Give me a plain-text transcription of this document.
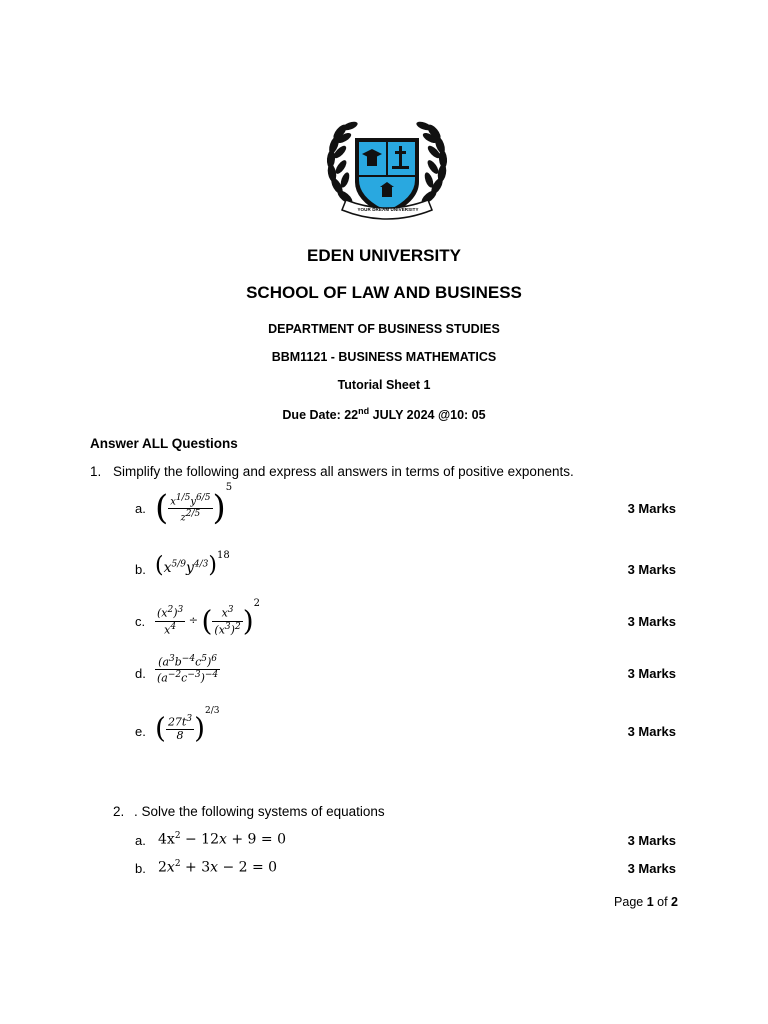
YOUR DREAM UNIVERSITY
EDEN UNIVERSITY
SCHOOL OF LAW AND BUSINESS
DEPARTMENT OF BUSINESS STUDIES
BBM1121 - BUSINESS MATHEMATICS
Tutorial Sheet 1
Due Date: 22nd JULY 2024 @10: 05
Answer ALL Questions
1. Simplify the following and express all answers in terms of positive exponents.
a. ( $\frac{x^{1/5}y^{6/5}}{z^{2/5}} )^5$
3 Marks
b. $(x^{5/9}y^{4/3})^{18}$
3 Marks
c. $\frac{(x^2)^3}{x^4}$ ÷ ( $\frac{x^3}{(x^3)^2} )^2$
3 Marks
d. $\frac{(a^3b^{-4}c^5)^6}{(a^{-2}c^{-3})^{-4}}$	3 Marks
e. ( $\frac{27t^3}{8} )^{2/3}$
3 Marks
2. . Solve the following systems of equations
a. $4x^2 - 12x + 9 = 0$	3 Marks
b. $2x^2 + 3x - 2 = 0$	3 Marks
Page 1 of 2
